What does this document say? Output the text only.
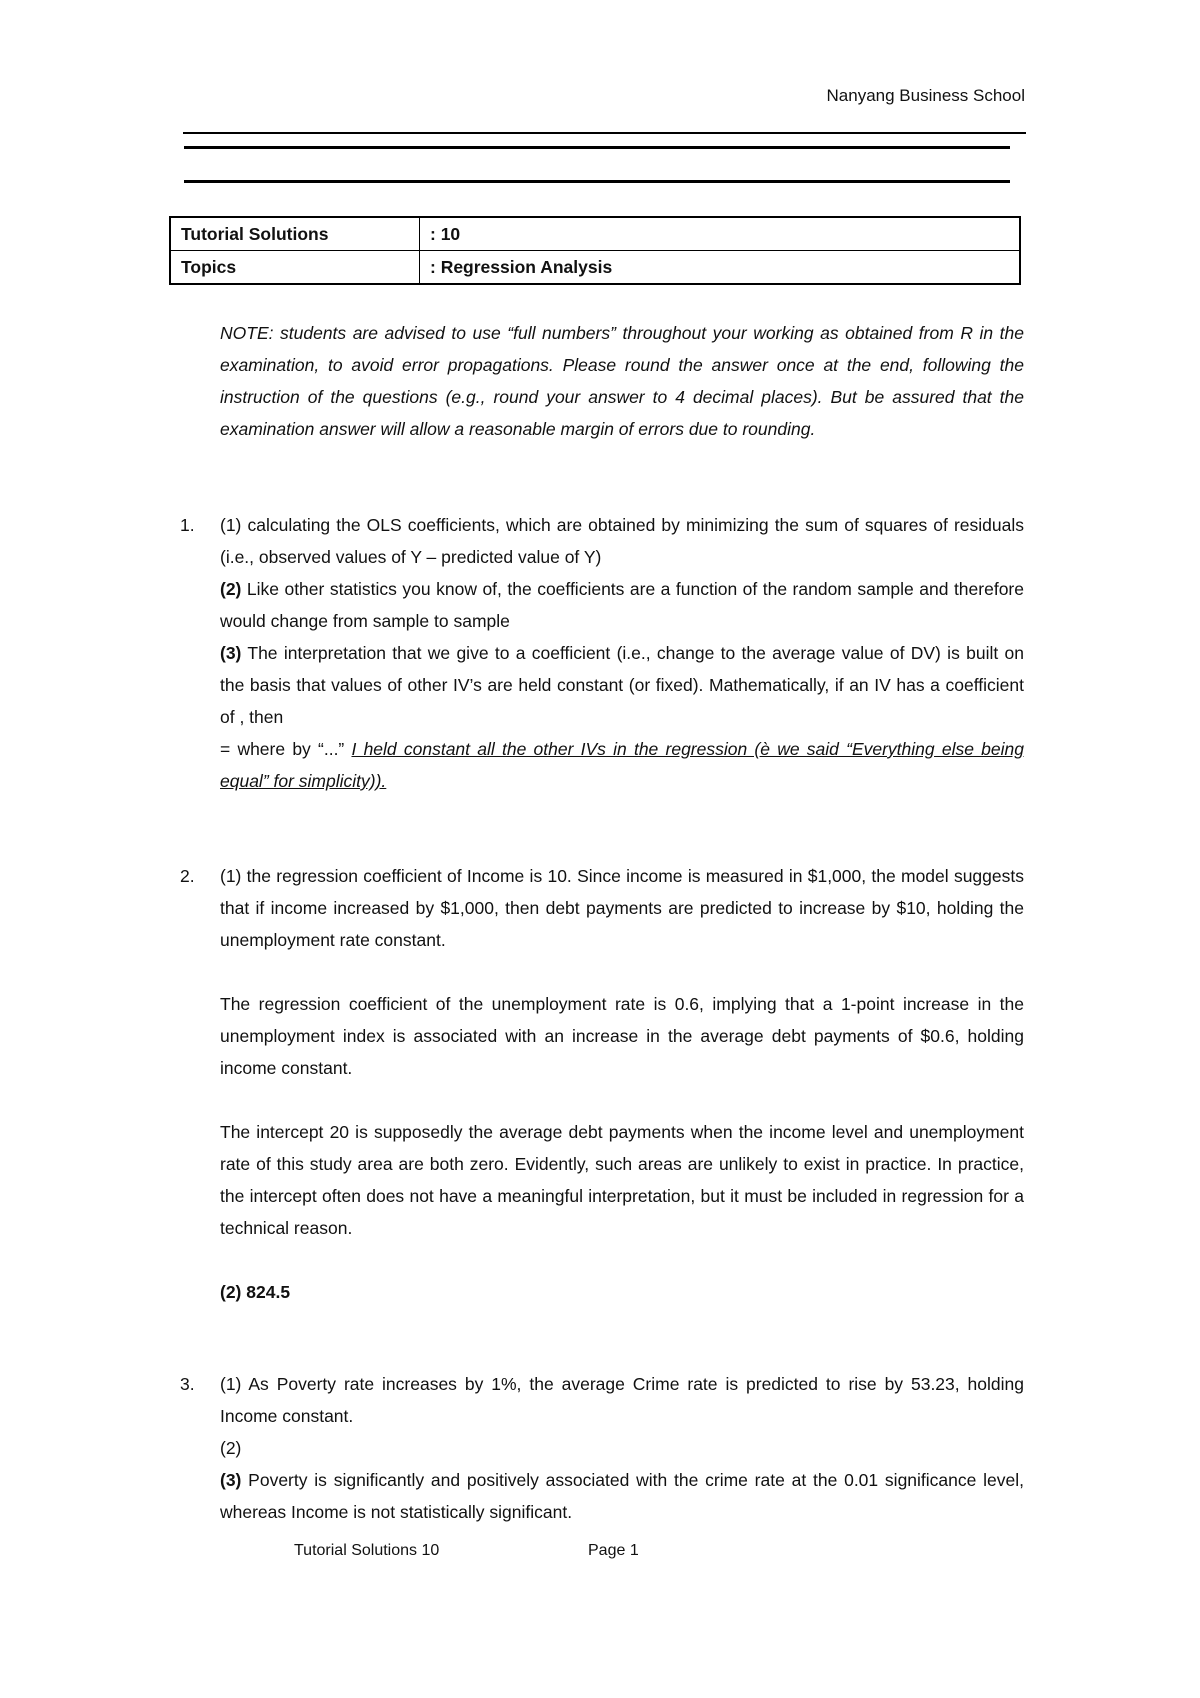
Nanyang Business School
Tutorial Solutions	: 10
Topics	: Regression Analysis
NOTE: students are advised to use “full numbers” throughout your working as obtained from R in the examination, to avoid error propagations. Please round the answer once at the end, following the instruction of the questions (e.g., round your answer to 4 decimal places). But be assured that the examination answer will allow a reasonable margin of errors due to rounding.
1. (1) calculating the OLS coefficients, which are obtained by minimizing the sum of squares of residuals (i.e., observed values of Y – predicted value of Y)

(2) Like other statistics you know of, the coefficients are a function of the random sample and therefore would change from sample to sample

(3) The interpretation that we give to a coefficient (i.e., change to the average value of DV) is built on the basis that values of other IV’s are held constant (or fixed). Mathematically, if an IV has a coefficient of , then

= where by “...” I held constant all the other IVs in the regression (è we said “Everything else being equal” for simplicity)).

2. (1) the regression coefficient of Income is 10. Since income is measured in $1,000, the model suggests that if income increased by $1,000, then debt payments are predicted to increase by $10, holding the unemployment rate constant.

The regression coefficient of the unemployment rate is 0.6, implying that a 1-point increase in the unemployment index is associated with an increase in the average debt payments of $0.6, holding income constant.

The intercept 20 is supposedly the average debt payments when the income level and unemployment rate of this study area are both zero. Evidently, such areas are unlikely to exist in practice. In practice, the intercept often does not have a meaningful interpretation, but it must be included in regression for a technical reason.

(2) 824.5

3. (1) As Poverty rate increases by 1%, the average Crime rate is predicted to rise by 53.23, holding Income constant.

(2)

(3) Poverty is significantly and positively associated with the crime rate at the 0.01 significance level, whereas Income is not statistically significant.

Tutorial Solutions 10	Page 1
